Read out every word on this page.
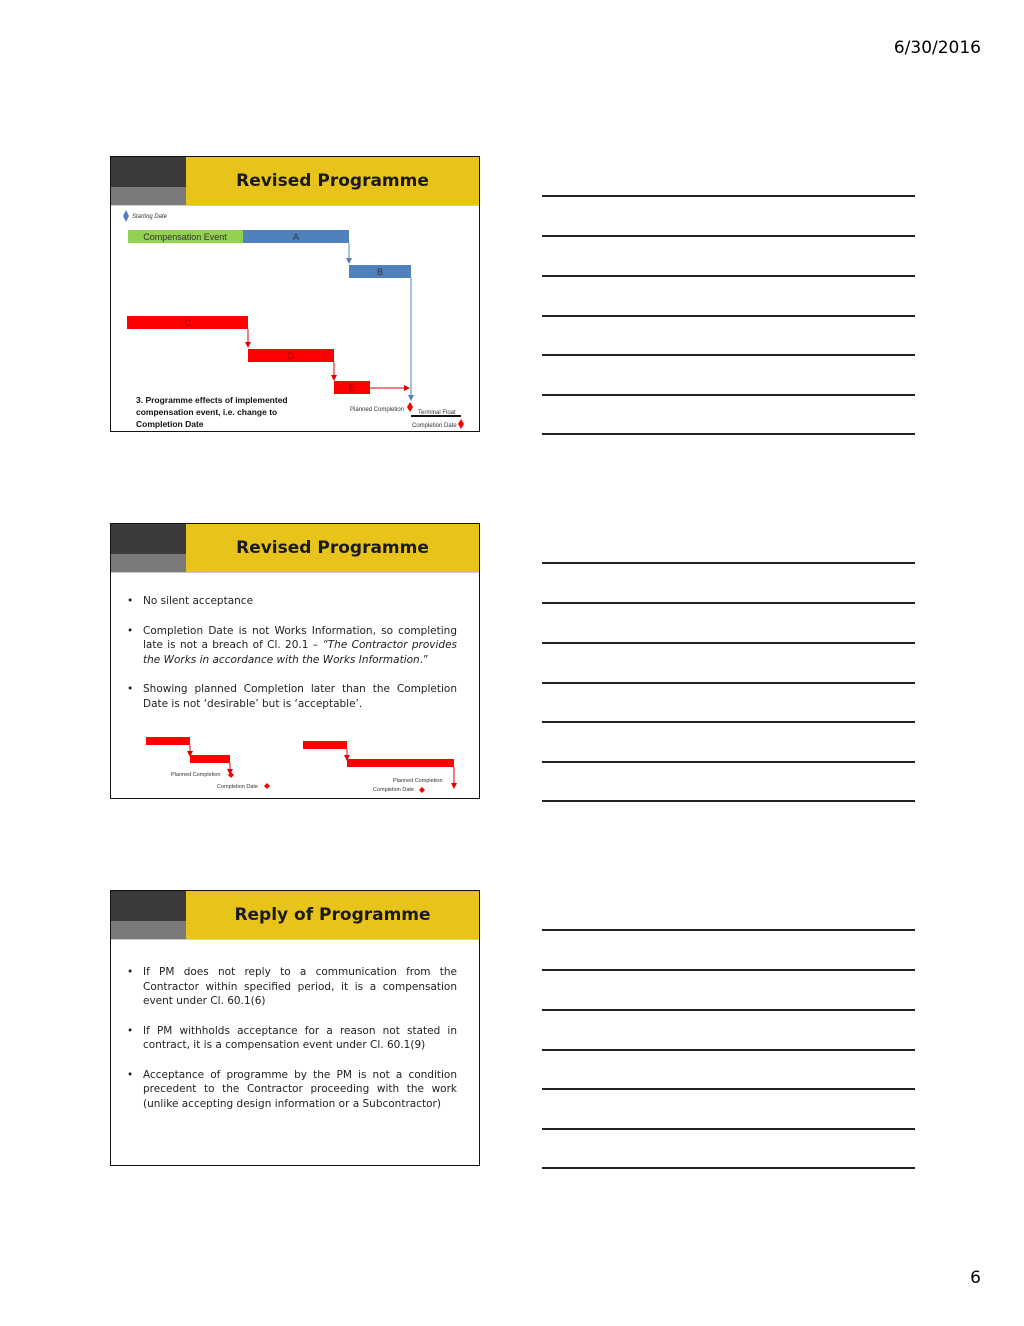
6/30/2016
Revised Programme
Starting Date
Compensation Event	A
B
C
D
E
3. Programme effects of implemented
compensation event, i.e. change to
Completion Date
Planned Completion Terminal Float
Completion Date
Revised Programme
• No silent acceptance
• Completion Date is not Works Information, so completing late is not a breach of Cl. 20.1 – “The Contractor provides the Works in accordance with the Works Information.”
• Showing planned Completion later than the Completion Date is not ‘desirable’ but is ‘acceptable’.
Planned Completion
Completion Date
Planned Completion
Completion Date
Reply of Programme
• If PM does not reply to a communication from the Contractor within specified period, it is a compensation event under Cl. 60.1(6)
• If PM withholds acceptance for a reason not stated in contract, it is a compensation event under Cl. 60.1(9)
• Acceptance of programme by the PM is not a condition precedent to the Contractor proceeding with the work (unlike accepting design information or a Subcontractor)
6
